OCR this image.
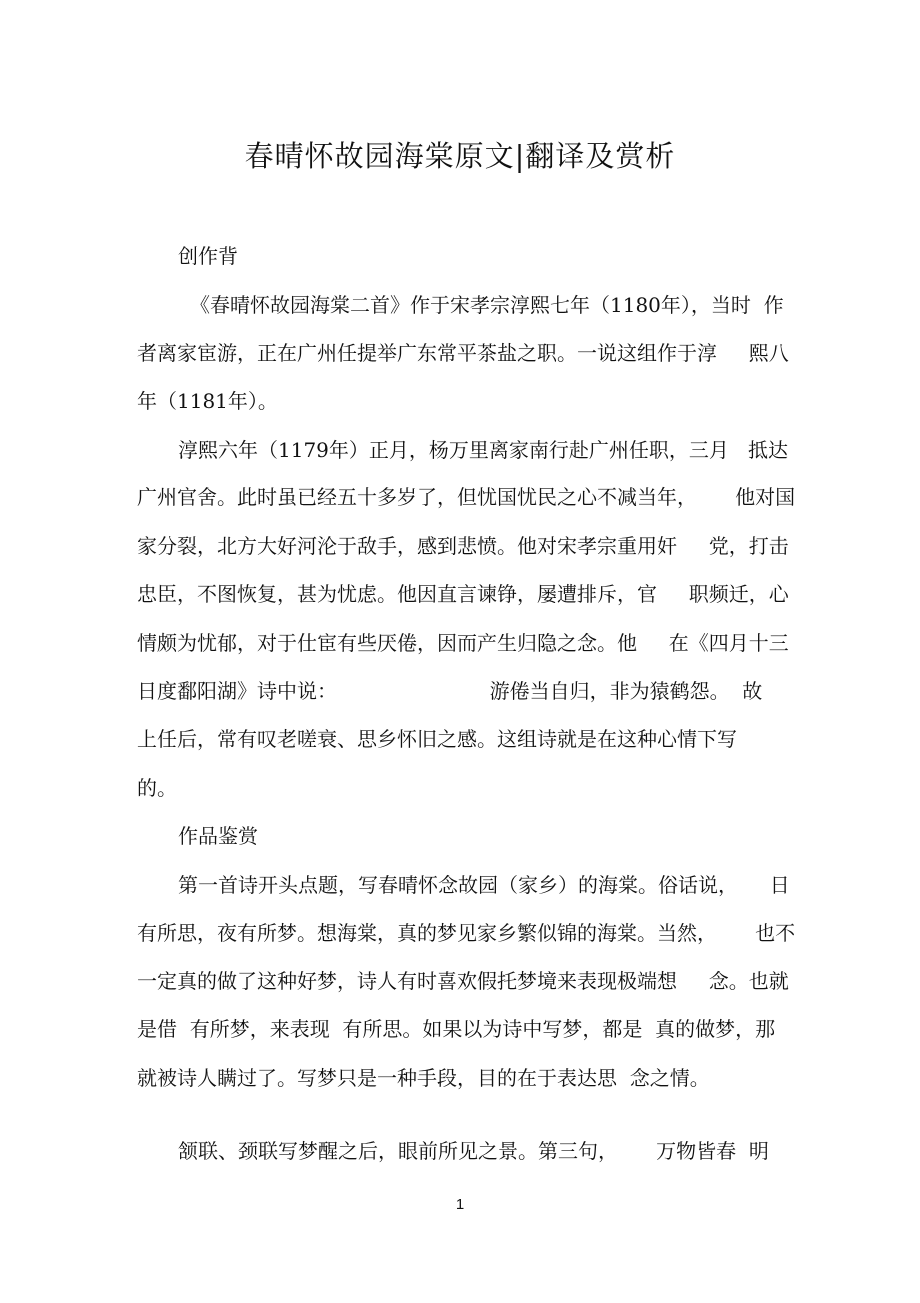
春晴怀故园海棠原文|翻译及赏析
创作背
《春晴怀故园海棠二首》作于宋孝宗淳熙七年（1180年），当时  作
者离家宦游，正在广州任提举广东常平茶盐之职。一说这组作于淳     熙八
年（1181年）。
淳熙六年（1179年）正月，杨万里离家南行赴广州任职，三月   抵达
广州官舍。此时虽已经五十多岁了，但忧国忧民之心不减当年，      他对国
家分裂，北方大好河沦于敌手，感到悲愤。他对宋孝宗重用奸     党，打击
忠臣，不图恢复，甚为忧虑。他因直言谏铮，屡遭排斥，官     职频迁，心
情颇为忧郁，对于仕宦有些厌倦，因而产生归隐之念。他     在《四月十三
日度鄱阳湖》诗中说：                        游倦当自归，非为猿鹤怨。  故
上任后，常有叹老嗟衰、思乡怀旧之感。这组诗就是在这种心情下写
的。
作品鉴赏
第一首诗开头点题，写春晴怀念故园（家乡）的海棠。俗话说，     日
有所思，夜有所梦。想海棠，真的梦见家乡繁似锦的海棠。当然，      也不
一定真的做了这种好梦，诗人有时喜欢假托梦境来表现极端想     念。也就
是借  有所梦，来表现  有所思。如果以为诗中写梦，都是  真的做梦，那
就被诗人瞒过了。写梦只是一种手段，目的在于表达思  念之情。
颔联、颈联写梦醒之后，眼前所见之景。第三句，      万物皆春  明
1
